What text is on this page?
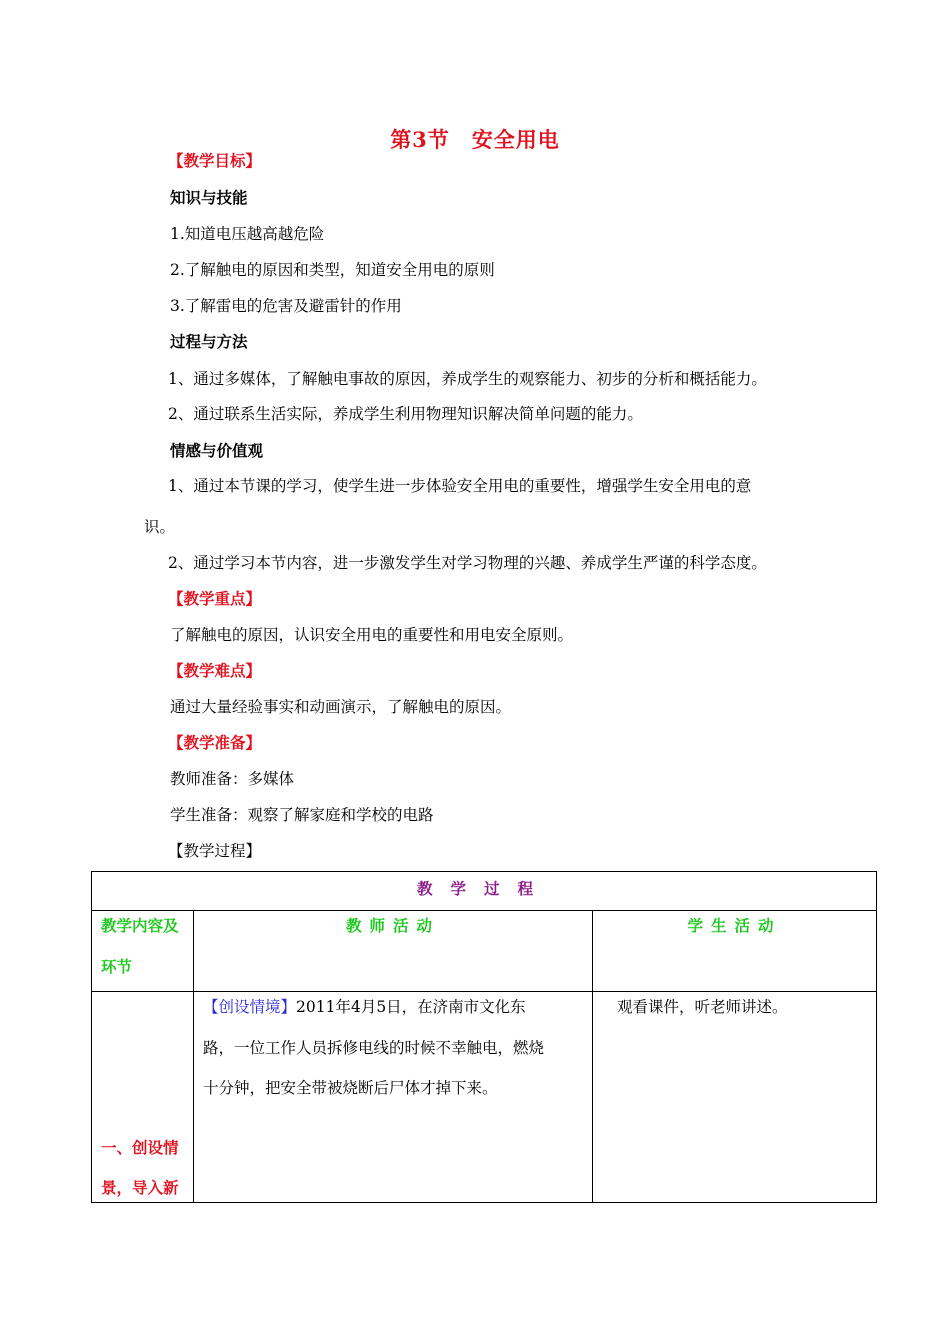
第3节　安全用电
【教学目标】
知识与技能
1.知道电压越高越危险
2.了解触电的原因和类型，知道安全用电的原则
3.了解雷电的危害及避雷针的作用
过程与方法
1、通过多媒体，了解触电事故的原因，养成学生的观察能力、初步的分析和概括能力。
2、通过联系生活实际，养成学生利用物理知识解决简单问题的能力。
情感与价值观
1、通过本节课的学习，使学生进一步体验安全用电的重要性，增强学生安全用电的意
识。
2、通过学习本节内容，进一步激发学生对学习物理的兴趣、养成学生严谨的科学态度。
【教学重点】
了解触电的原因，认识安全用电的重要性和用电安全原则。
【教学难点】
通过大量经验事实和动画演示，了解触电的原因。
【教学准备】
教师准备：多媒体
学生准备：观察了解家庭和学校的电路
【教学过程】
教学过程
教学内容及
环节
教师活动	学生活动
【创设情境】2011年4月5日，在济南市文化东
路，一位工作人员拆修电线的时候不幸触电，燃烧
十分钟，把安全带被烧断后尸体才掉下来。
观看课件，听老师讲述。
一、创设情
景，导入新
